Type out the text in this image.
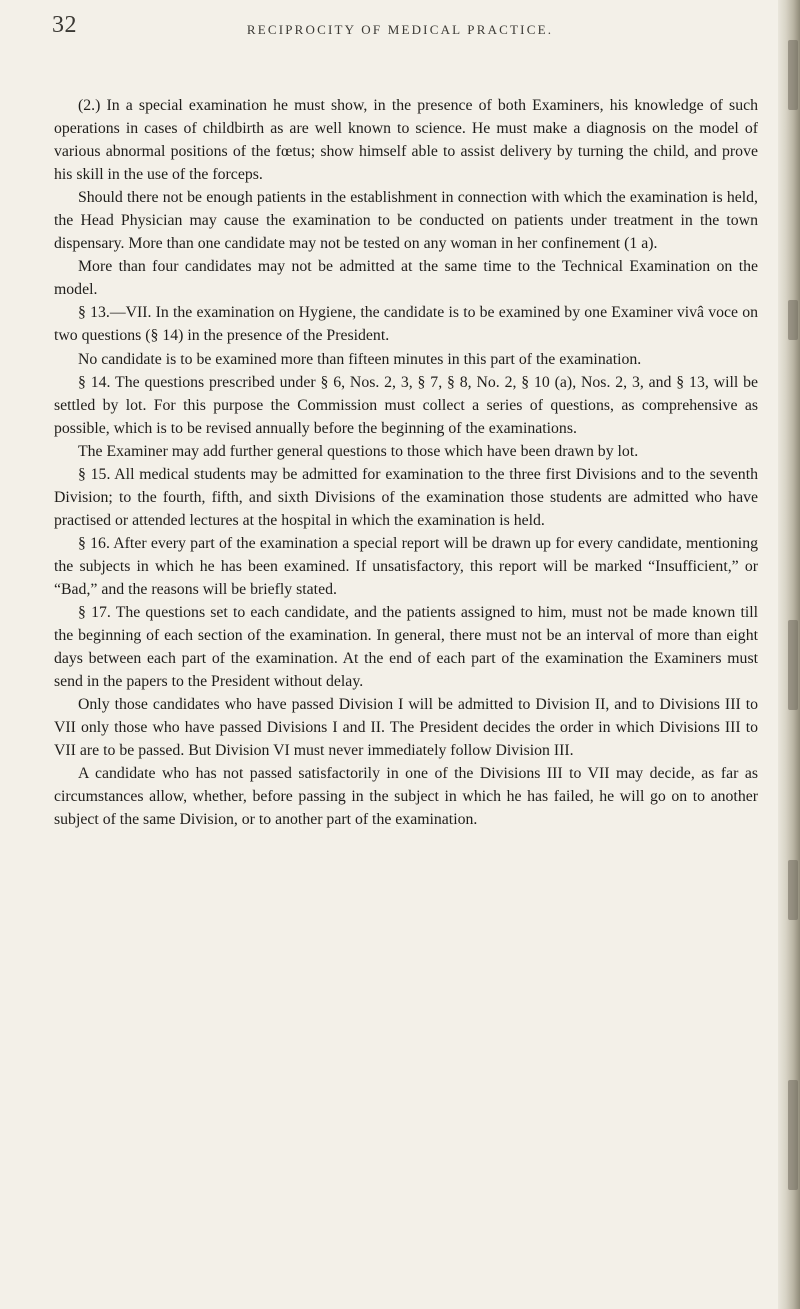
32	RECIPROCITY OF MEDICAL PRACTICE.

(2.) In a special examination he must show, in the presence of both Examiners, his knowledge of such operations in cases of childbirth as are well known to science. He must make a diagnosis on the model of various abnormal positions of the fœtus; show himself able to assist delivery by turning the child, and prove his skill in the use of the forceps.

Should there not be enough patients in the establishment in connection with which the examination is held, the Head Physician may cause the examination to be conducted on patients under treatment in the town dispensary. More than one candidate may not be tested on any woman in her confinement (1 a).

More than four candidates may not be admitted at the same time to the Technical Examination on the model.

§ 13.—VII. In the examination on Hygiene, the candidate is to be examined by one Examiner vivâ voce on two questions (§ 14) in the presence of the President.

No candidate is to be examined more than fifteen minutes in this part of the examination.

§ 14. The questions prescribed under § 6, Nos. 2, 3, § 7, § 8, No. 2, § 10 (a), Nos. 2, 3, and § 13, will be settled by lot. For this purpose the Commission must collect a series of questions, as comprehensive as possible, which is to be revised annually before the beginning of the examinations.

The Examiner may add further general questions to those which have been drawn by lot.

§ 15. All medical students may be admitted for examination to the three first Divisions and to the seventh Division; to the fourth, fifth, and sixth Divisions of the examination those students are admitted who have practised or attended lectures at the hospital in which the examination is held.

§ 16. After every part of the examination a special report will be drawn up for every candidate, mentioning the subjects in which he has been examined. If unsatisfactory, this report will be marked “Insufficient,” or “Bad,” and the reasons will be briefly stated.

§ 17. The questions set to each candidate, and the patients assigned to him, must not be made known till the beginning of each section of the examination. In general, there must not be an interval of more than eight days between each part of the examination. At the end of each part of the examination the Examiners must send in the papers to the President without delay.

Only those candidates who have passed Division I will be admitted to Division II, and to Divisions III to VII only those who have passed Divisions I and II. The President decides the order in which Divisions III to VII are to be passed. But Division VI must never immediately follow Division III.

A candidate who has not passed satisfactorily in one of the Divisions III to VII may decide, as far as circumstances allow, whether, before passing in the subject in which he has failed, he will go on to another subject of the same Division, or to another part of the examination.
